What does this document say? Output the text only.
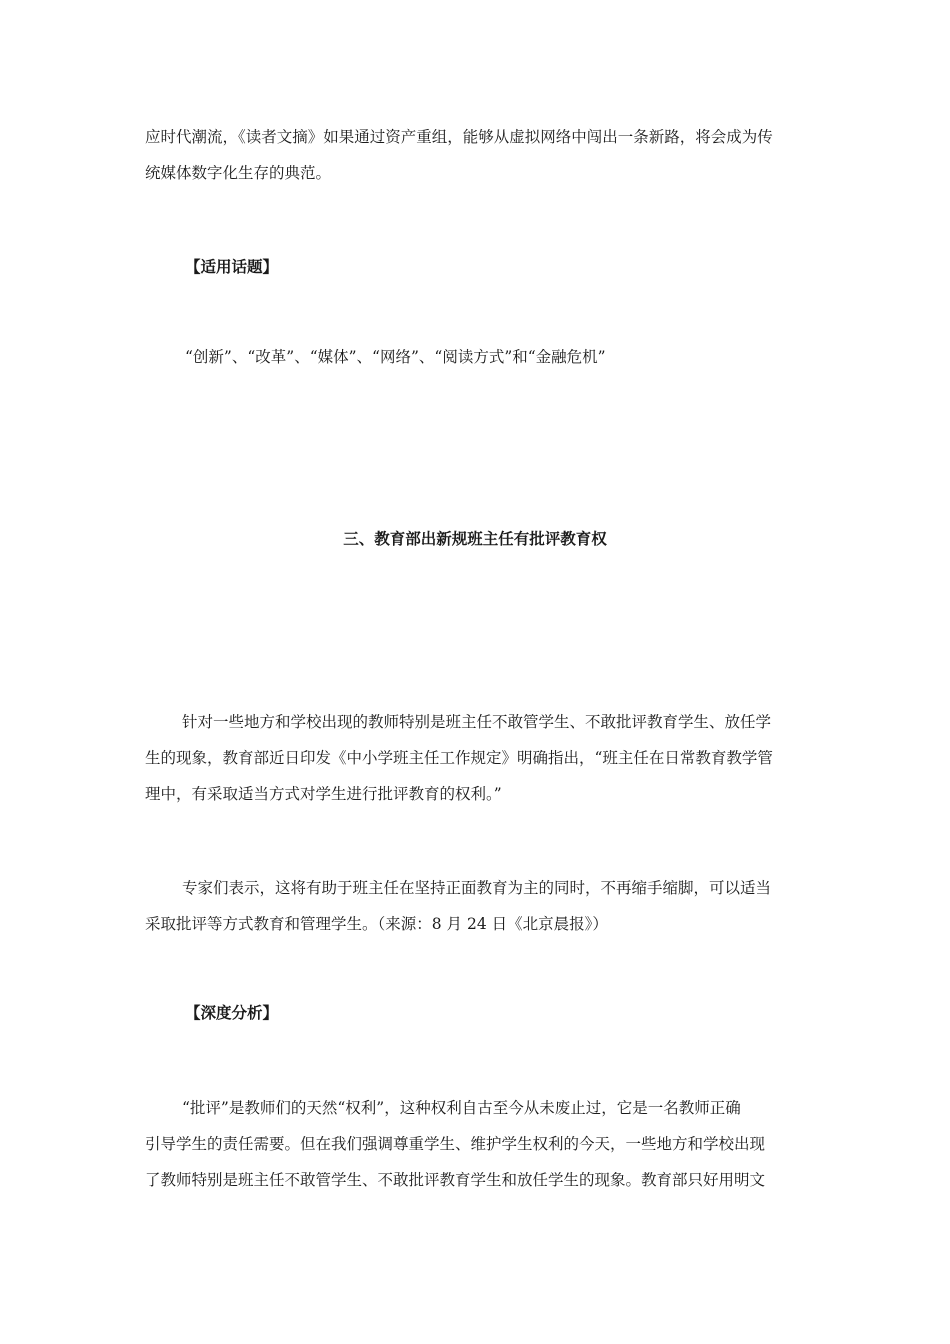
应时代潮流，《读者文摘》如果通过资产重组，能够从虚拟网络中闯出一条新路，将会成为传
统媒体数字化生存的典范。

【适用话题】

“创新”、“改革”、“媒体”、“网络”、“阅读方式”和“金融危机”

三、教育部出新规班主任有批评教育权

针对一些地方和学校出现的教师特别是班主任不敢管学生、不敢批评教育学生、放任学
生的现象，教育部近日印发《中小学班主任工作规定》明确指出，“班主任在日常教育教学管
理中，有采取适当方式对学生进行批评教育的权利。”
专家们表示，这将有助于班主任在坚持正面教育为主的同时，不再缩手缩脚，可以适当
采取批评等方式教育和管理学生。（来源：8 月 24 日《北京晨报》）

【深度分析】

“批评”是教师们的天然“权利”，这种权利自古至今从未废止过，它是一名教师正确
引导学生的责任需要。但在我们强调尊重学生、维护学生权利的今天，一些地方和学校出现
了教师特别是班主任不敢管学生、不敢批评教育学生和放任学生的现象。教育部只好用明文
